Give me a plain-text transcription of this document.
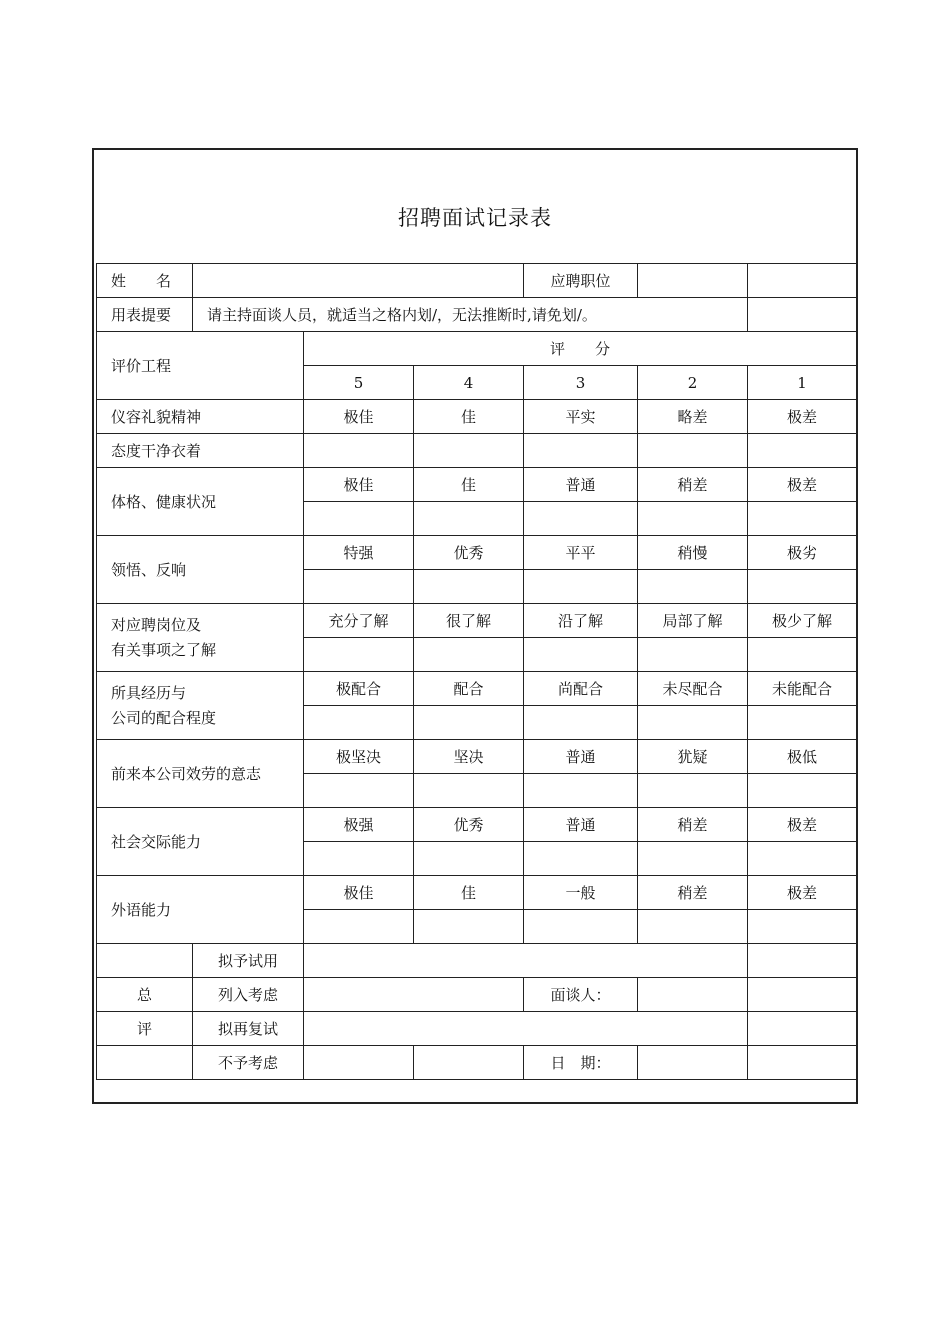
招聘面试记录表
姓　　名				应聘职位		
用表提要	请主持面谈人员，就适当之格内划/，无法推断时,请免划/。					
评价工程		评　　分				
		5	4	3	2	1
仪容礼貌精神		极佳	佳	平实	略差	极差
态度干净衣着						
体格、健康状况		极佳	佳	普通	稍差	极差

领悟、反响		特强	优秀	平平	稍慢	极劣

对应聘岗位及
有关事项之了解		充分了解	很了解	沿了解	局部了解	极少了解

所具经历与
公司的配合程度		极配合	配合	尚配合	未尽配合	未能配合

前来本公司效劳的意志		极坚决	坚决	普通	犹疑	极低

社会交际能力		极强	优秀	普通	稍差	极差

外语能力		极佳	佳	一般	稍差	极差

	拟予试用					
总	列入考虑			面谈人：		
评	拟再复试					
	不予考虑			日　期：		
